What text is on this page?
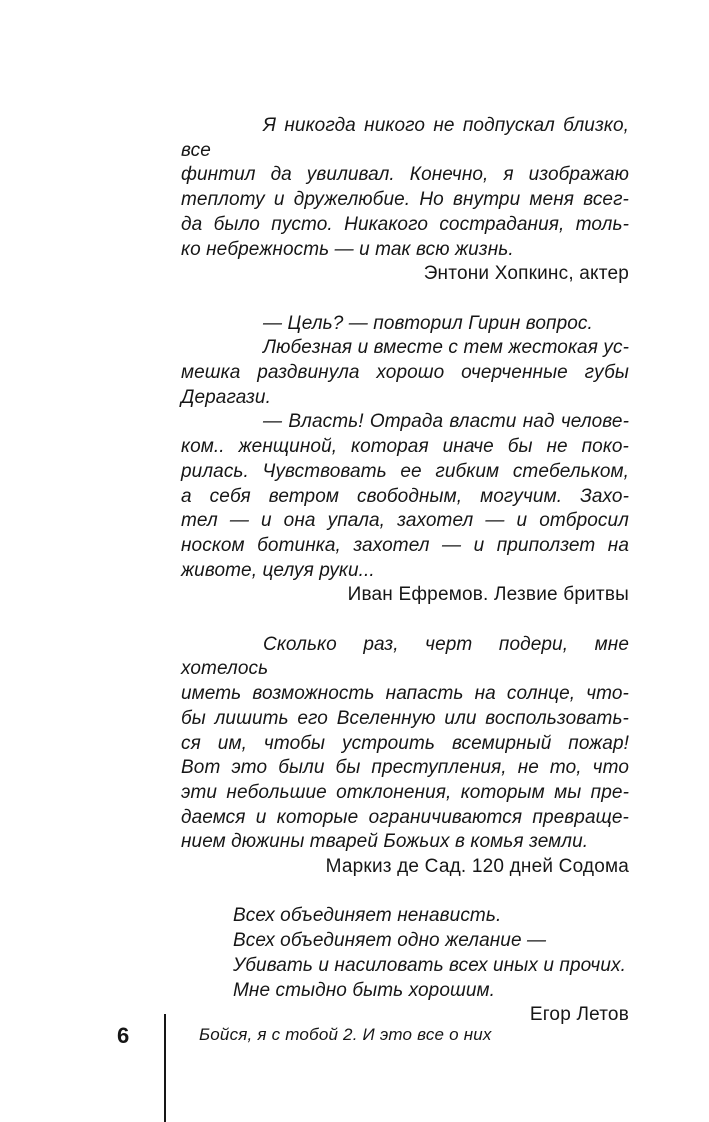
Я никогда никого не подпускал близко, все
финтил да увиливал. Конечно, я изображаю
теплоту и дружелюбие. Но внутри меня всег-
да было пусто. Никакого сострадания, толь-
ко небрежность — и так всю жизнь.
Энтони Хопкинс, актер
— Цель? — повторил Гирин вопрос.
Любезная и вместе с тем жестокая ус-
мешка раздвинула хорошо очерченные губы
Дерагази.
— Власть! Отрада власти над челове-
ком.. женщиной, которая иначе бы не поко-
рилась. Чувствовать ее гибким стебельком,
а себя ветром свободным, могучим. Захо-
тел — и она упала, захотел — и отбросил
носком ботинка, захотел — и приползет на
животе, целуя руки...
Иван Ефремов. Лезвие бритвы
Сколько раз, черт подери, мне хотелось
иметь возможность напасть на солнце, что-
бы лишить его Вселенную или воспользовать-
ся им, чтобы устроить всемирный пожар!
Вот это были бы преступления, не то, что
эти небольшие отклонения, которым мы пре-
даемся и которые ограничиваются превраще-
нием дюжины тварей Божьих в комья земли.
Маркиз де Сад. 120 дней Содома
Всех объединяет ненависть.
Всех объединяет одно желание —
Убивать и насиловать всех иных и прочих.
Мне стыдно быть хорошим.
Егор Летов
6	Бойся, я с тобой 2. И это все о них
